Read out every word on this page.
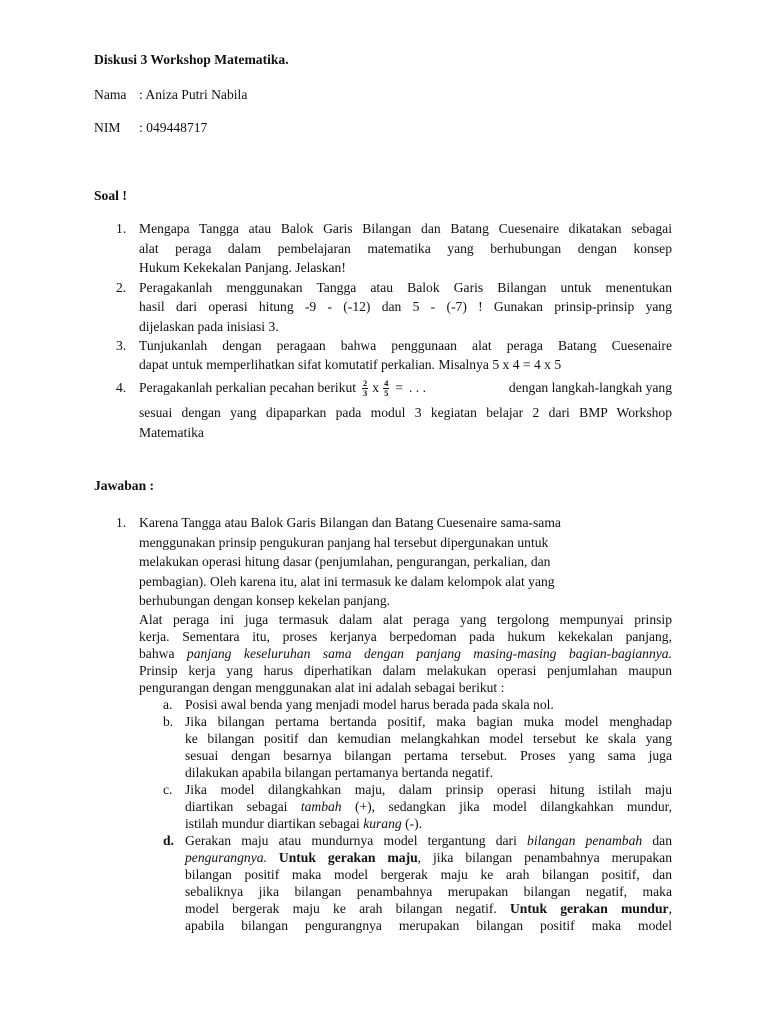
Diskusi 3 Workshop Matematika.
Nama : Aniza Putri Nabila
NIM : 049448717
Soal !
1. Mengapa Tangga atau Balok Garis Bilangan dan Batang Cuesenaire dikatakan sebagai
alat peraga dalam pembelajaran matematika yang berhubungan dengan konsep
Hukum Kekekalan Panjang. Jelaskan!
2. Peragakanlah menggunakan Tangga atau Balok Garis Bilangan untuk menentukan
hasil dari operasi hitung -9 - (-12) dan 5 - (-7) ! Gunakan prinsip-prinsip yang
dijelaskan pada inisiasi 3.
3. Tunjukanlah dengan peragaan bahwa penggunaan alat peraga Batang Cuesenaire
dapat untuk memperlihatkan sifat komutatif perkalian. Misalnya 5 x 4 = 4 x 5
4. Peragakanlah perkalian pecahan berikut $\frac{2}{3}$ x $\frac{4}{5}$ = . . .	dengan langkah-langkah yang
sesuai dengan yang dipaparkan pada modul 3 kegiatan belajar 2 dari BMP Workshop
Matematika
Jawaban :
1. Karena Tangga atau Balok Garis Bilangan dan Batang Cuesenaire sama-sama
menggunakan prinsip pengukuran panjang hal tersebut dipergunakan untuk
melakukan operasi hitung dasar (penjumlahan, pengurangan, perkalian, dan
pembagian). Oleh karena itu, alat ini termasuk ke dalam kelompok alat yang
berhubungan dengan konsep kekelan panjang.
Alat peraga ini juga termasuk dalam alat peraga yang tergolong mempunyai prinsip
kerja. Sementara itu, proses kerjanya berpedoman pada hukum kekekalan panjang,
bahwa panjang keseluruhan sama dengan panjang masing-masing bagian-bagiannya.
Prinsip kerja yang harus diperhatikan dalam melakukan operasi penjumlahan maupun
pengurangan dengan menggunakan alat ini adalah sebagai berikut :
a. Posisi awal benda yang menjadi model harus berada pada skala nol.
b. Jika bilangan pertama bertanda positif, maka bagian muka model menghadap
ke bilangan positif dan kemudian melangkahkan model tersebut ke skala yang
sesuai dengan besarnya bilangan pertama tersebut. Proses yang sama juga
dilakukan apabila bilangan pertamanya bertanda negatif.
c. Jika model dilangkahkan maju, dalam prinsip operasi hitung istilah maju
diartikan sebagai tambah (+), sedangkan jika model dilangkahkan mundur,
istilah mundur diartikan sebagai kurang (-).
d. Gerakan maju atau mundurnya model tergantung dari bilangan penambah dan
pengurangnya. Untuk gerakan maju, jika bilangan penambahnya merupakan
bilangan positif maka model bergerak maju ke arah bilangan positif, dan
sebaliknya jika bilangan penambahnya merupakan bilangan negatif, maka
model bergerak maju ke arah bilangan negatif. Untuk gerakan mundur,
apabila bilangan pengurangnya merupakan bilangan positif maka model
